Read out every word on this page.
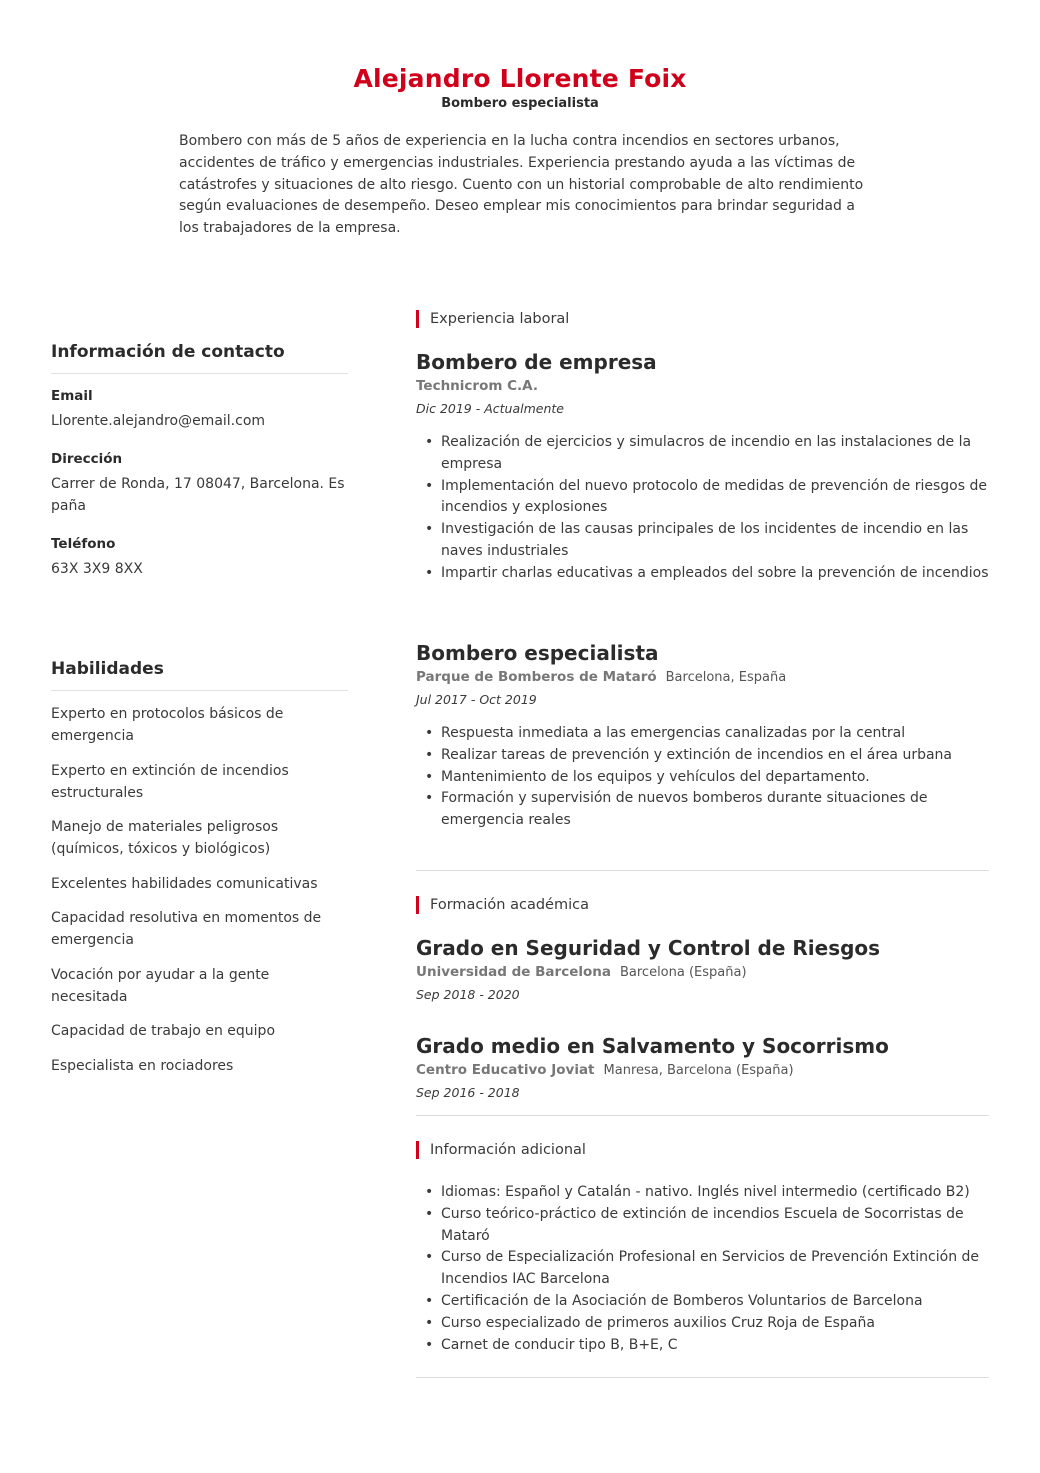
Alejandro Llorente Foix
Bombero especialista

Bombero con más de 5 años de experiencia en la lucha contra incendios en sectores urbanos, accidentes de tráfico y emergencias industriales. Experiencia prestando ayuda a las víctimas de catástrofes y situaciones de alto riesgo. Cuento con un historial comprobable de alto rendimiento según evaluaciones de desempeño. Deseo emplear mis conocimientos para brindar seguridad a los trabajadores de la empresa.

Información de contacto

Email

Llorente.alejandro@email.com

Dirección

Carrer de Ronda, 17 08047, Barcelona. España

Teléfono

63X 3X9 8XX

Habilidades

Experto en protocolos básicos de emergencia

Experto en extinción de incendios estructurales

Manejo de materiales peligrosos (químicos, tóxicos y biológicos)

Excelentes habilidades comunicativas

Capacidad resolutiva en momentos de emergencia

Vocación por ayudar a la gente necesitada

Capacidad de trabajo en equipo

Especialista en rociadores

Experiencia laboral

Bombero de empresa

Technicrom C.A.

Dic 2019 - Actualmente

• Realización de ejercicios y simulacros de incendio en las instalaciones de la empresa
• Implementación del nuevo protocolo de medidas de prevención de riesgos de incendios y explosiones
• Investigación de las causas principales de los incidentes de incendio en las naves industriales
• Impartir charlas educativas a empleados del sobre la prevención de incendios

Bombero especialista

Parque de Bomberos de Mataró Barcelona, España

Jul 2017 - Oct 2019

• Respuesta inmediata a las emergencias canalizadas por la central
• Realizar tareas de prevención y extinción de incendios en el área urbana
• Mantenimiento de los equipos y vehículos del departamento.
• Formación y supervisión de nuevos bomberos durante situaciones de emergencia reales

Formación académica

Grado en Seguridad y Control de Riesgos

Universidad de Barcelona Barcelona (España)

Sep 2018 - 2020

Grado medio en Salvamento y Socorrismo

Centro Educativo Joviat Manresa, Barcelona (España)

Sep 2016 - 2018

Información adicional

• Idiomas: Español y Catalán - nativo. Inglés nivel intermedio (certificado B2)
• Curso teórico-práctico de extinción de incendios Escuela de Socorristas de Mataró
• Curso de Especialización Profesional en Servicios de Prevención Extinción de Incendios IAC Barcelona
• Certificación de la Asociación de Bomberos Voluntarios de Barcelona
• Curso especializado de primeros auxilios Cruz Roja de España
• Carnet de conducir tipo B, B+E, C
